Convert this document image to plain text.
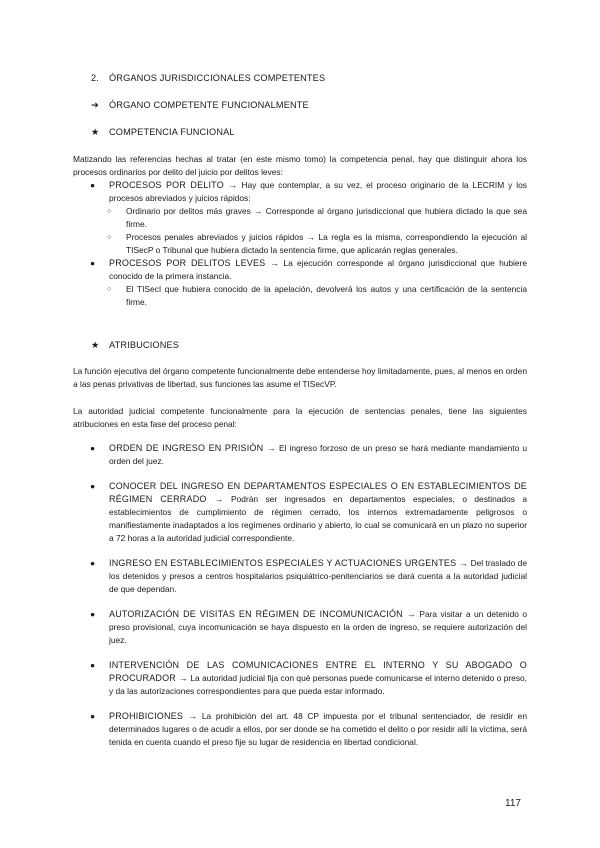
2. ÓRGANOS JURISDICCIONALES COMPETENTES
➔ ÓRGANO COMPETENTE FUNCIONALMENTE
★ COMPETENCIA FUNCIONAL
Matizando las referencias hechas al tratar (en este mismo tomo) la competencia penal, hay que distinguir ahora los procesos ordinarios por delito del juicio por delitos leves:
●	PROCESOS POR DELITO → Hay que contemplar, a su vez, el proceso originario de la LECRIM y los procesos abreviados y juicios rápidos:
○ Ordinario por delitos más graves → Corresponde al órgano jurisdiccional que hubiera dictado la que sea firme.
○ Procesos penales abreviados y juicios rápidos → La regla es la misma, correspondiendo la ejecución al TISecP o Tribunal que hubiera dictado la sentencia firme, que aplicarán reglas generales.
●	PROCESOS POR DELITOS LEVES → La ejecución corresponde al órgano jurisdiccional que hubiere conocido de la primera instancia.
○ El TISecI que hubiera conocido de la apelación, devolverá los autos y una certificación de la sentencia firme.
★ ATRIBUCIONES
La función ejecutiva del órgano competente funcionalmente debe entenderse hoy limitadamente, pues, al menos en orden a las penas privativas de libertad, sus funciones las asume el TISecVP.
La autoridad judicial competente funcionalmente para la ejecución de sentencias penales, tiene las siguientes atribuciones en esta fase del proceso penal:
●	ORDEN DE INGRESO EN PRISIÓN → El ingreso forzoso de un preso se hará mediante mandamiento u orden del juez.
●	CONOCER DEL INGRESO EN DEPARTAMENTOS ESPECIALES O EN ESTABLECIMIENTOS DE RÉGIMEN CERRADO → Podrán ser ingresados en departamentos especiales, o destinados a establecimientos de cumplimiento de régimen cerrado, los internos extremadamente peligrosos o manifiestamente inadaptados a los regímenes ordinario y abierto, lo cual se comunicará en un plazo no superior a 72 horas a la autoridad judicial correspondiente.
●	INGRESO EN ESTABLECIMIENTOS ESPECIALES Y ACTUACIONES URGENTES → Del traslado de los detenidos y presos a centros hospitalarios psiquiátrico-penitenciarios se dará cuenta a la autoridad judicial de que dependan.
●	AUTORIZACIÓN DE VISITAS EN RÉGIMEN DE INCOMUNICACIÓN → Para visitar a un detenido o preso provisional, cuya incomunicación se haya dispuesto en la orden de ingreso, se requiere autorización del juez.
●	INTERVENCIÓN DE LAS COMUNICACIONES ENTRE EL INTERNO Y SU ABOGADO O PROCURADOR → La autoridad judicial fija con qué personas puede comunicarse el interno detenido o preso, y da las autorizaciones correspondientes para que pueda estar informado.
●	PROHIBICIONES → La prohibición del art. 48 CP impuesta por el tribunal sentenciador, de residir en determinados lugares o de acudir a ellos, por ser donde se ha cometido el delito o por residir allí la víctima, será tenida en cuenta cuando el preso fije su lugar de residencia en libertad condicional.
117
